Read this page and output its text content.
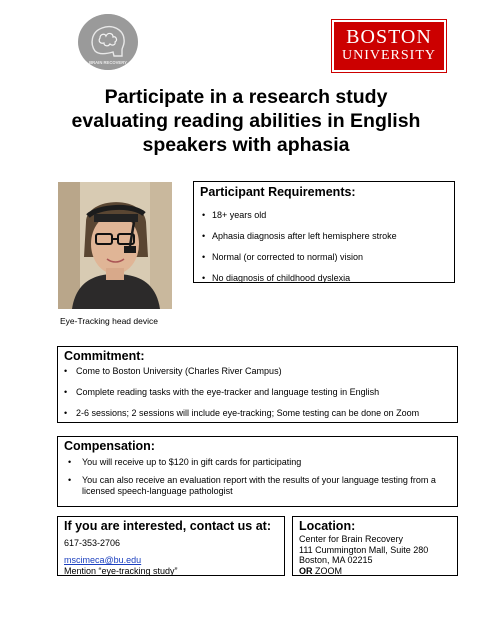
BRAIN RECOVERY
BOSTON
UNIVERSITY
Participate in a research study
evaluating reading abilities in English
speakers with aphasia
Eye-Tracking head device
Participant Requirements:
• 18+ years old
• Aphasia diagnosis after left hemisphere stroke
• Normal (or corrected to normal) vision
• No diagnosis of childhood dyslexia
Commitment:
• Come to Boston University (Charles River Campus)
• Complete reading tasks with the eye-tracker and language testing in English
• 2-6 sessions; 2 sessions will include eye-tracking; Some testing can be done on Zoom
Compensation:
• You will receive up to $120 in gift cards for participating
• You can also receive an evaluation report with the results of your language testing from a licensed speech-language pathologist
If you are interested, contact us at:
617-353-2706
mscimeca@bu.edu
Mention “eye-tracking study”
Location:
Center for Brain Recovery
111 Cummington Mall, Suite 280
Boston, MA 02215
OR ZOOM
